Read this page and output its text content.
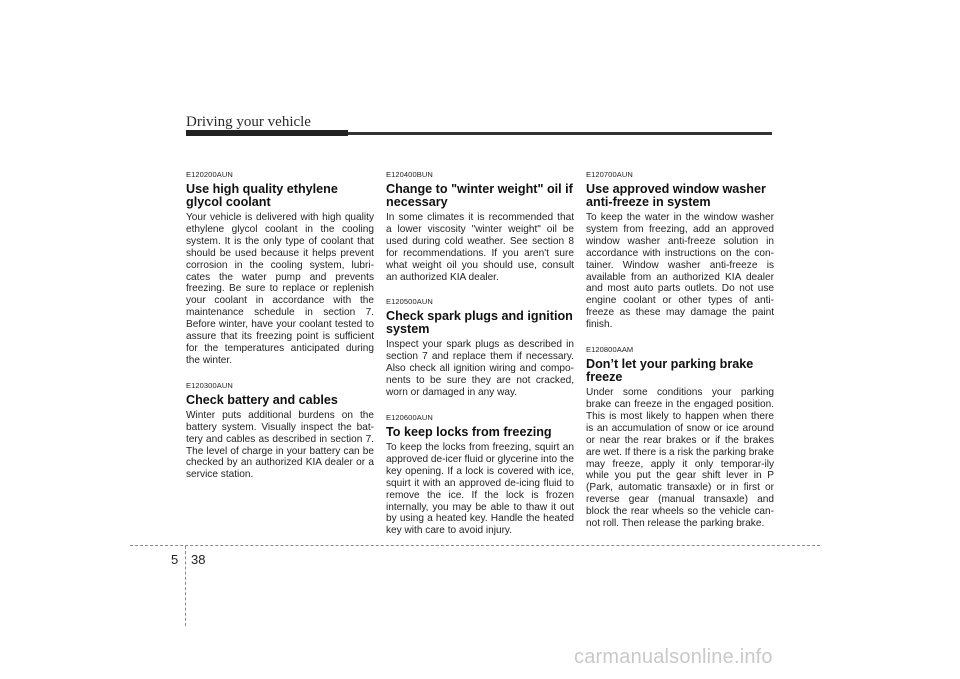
Driving your vehicle

E120200AUN

Use high quality ethylene glycol coolant

Your vehicle is delivered with high quality ethylene glycol coolant in the cooling system. It is the only type of coolant that should be used because it helps prevent corrosion in the cooling system, lubri-cates the water pump and prevents freezing. Be sure to replace or replenish your coolant in accordance with the maintenance schedule in section 7. Before winter, have your coolant tested to assure that its freezing point is sufficient for the temperatures anticipated during the winter.

E120300AUN

Check battery and cables

Winter puts additional burdens on the battery system. Visually inspect the bat-tery and cables as described in section 7. The level of charge in your battery can be checked by an authorized KIA dealer or a service station.

E120400BUN

Change to "winter weight" oil if necessary

In some climates it is recommended that a lower viscosity "winter weight" oil be used during cold weather. See section 8 for recommendations. If you aren't sure what weight oil you should use, consult an authorized KIA dealer.

E120500AUN

Check spark plugs and ignition system

Inspect your spark plugs as described in section 7 and replace them if necessary. Also check all ignition wiring and compo-nents to be sure they are not cracked, worn or damaged in any way.

E120600AUN

To keep locks from freezing

To keep the locks from freezing, squirt an approved de-icer fluid or glycerine into the key opening. If a lock is covered with ice, squirt it with an approved de-icing fluid to remove the ice. If the lock is frozen internally, you may be able to thaw it out by using a heated key. Handle the heated key with care to avoid injury.

E120700AUN

Use approved window washer anti-freeze in system

To keep the water in the window washer system from freezing, add an approved window washer anti-freeze solution in accordance with instructions on the con-tainer. Window washer anti-freeze is available from an authorized KIA dealer and most auto parts outlets. Do not use engine coolant or other types of anti-freeze as these may damage the paint finish.

E120800AAM

Don’t let your parking brake freeze

Under some conditions your parking brake can freeze in the engaged position. This is most likely to happen when there is an accumulation of snow or ice around or near the rear brakes or if the brakes are wet. If there is a risk the parking brake may freeze, apply it only temporar-ily while you put the gear shift lever in P (Park, automatic transaxle) or in first or reverse gear (manual transaxle) and block the rear wheels so the vehicle can-not roll. Then release the parking brake.

5 38
carmanualsonline.info
